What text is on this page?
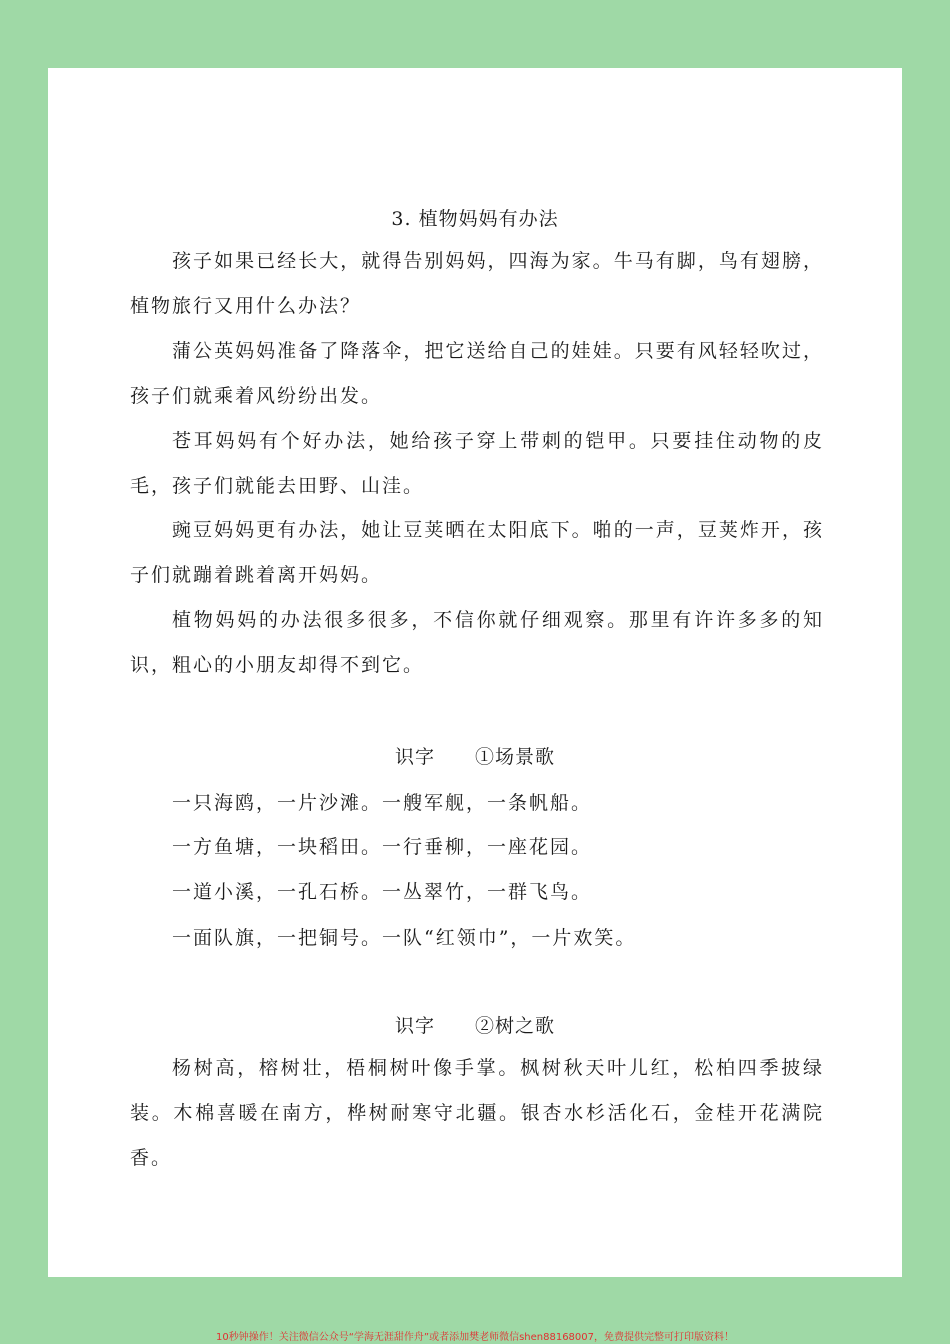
3. 植物妈妈有办法
孩子如果已经长大，就得告别妈妈，四海为家。牛马有脚，鸟有翅膀，植物旅行又用什么办法？
蒲公英妈妈准备了降落伞，把它送给自己的娃娃。只要有风轻轻吹过，孩子们就乘着风纷纷出发。
苍耳妈妈有个好办法，她给孩子穿上带刺的铠甲。只要挂住动物的皮毛，孩子们就能去田野、山洼。
豌豆妈妈更有办法，她让豆荚晒在太阳底下。啪的一声，豆荚炸开，孩子们就蹦着跳着离开妈妈。
植物妈妈的办法很多很多，不信你就仔细观察。那里有许许多多的知识，粗心的小朋友却得不到它。
识字 ①场景歌
一只海鸥，一片沙滩。一艘军舰，一条帆船。
一方鱼塘，一块稻田。一行垂柳，一座花园。
一道小溪，一孔石桥。一丛翠竹，一群飞鸟。
一面队旗，一把铜号。一队“红领巾”，一片欢笑。
识字 ②树之歌
杨树高，榕树壮，梧桐树叶像手掌。枫树秋天叶儿红，松柏四季披绿装。木棉喜暖在南方，桦树耐寒守北疆。银杏水杉活化石，金桂开花满院香。
10秒钟操作！关注微信公众号“学海无涯甜作舟”或者添加樊老师微信shen88168007，免费提供完整可打印版资料！
